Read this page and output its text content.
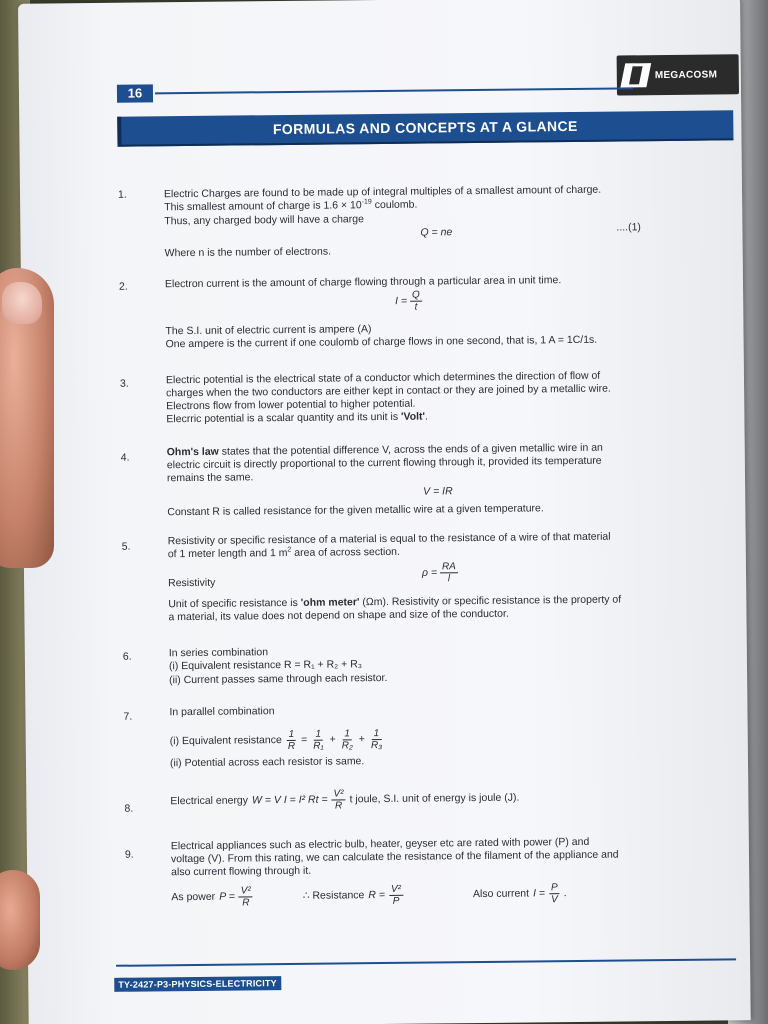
MEGACOSM
16
FORMULAS AND CONCEPTS AT A GLANCE
1.	Electric Charges are found to be made up of integral multiples of a smallest amount of charge.
This smallest amount of charge is $1.6 \times 10^{-19}$ coulomb.
Thus, any charged body will have a charge
Q = ne	....(1)
Where n is the number of electrons.
2.	Electron current is the amount of charge flowing through a particular area in unit time.
$I = \frac{Q}{t}$
The S.I. unit of electric current is ampere (A)
One ampere is the current if one coulomb of charge flows in one second, that is, 1 A = 1C/1s.
3.	Electric potential is the electrical state of a conductor which determines the direction of flow of
charges when the two conductors are either kept in contact or they are joined by a metallic wire.
Electrons flow from lower potential to higher potential.
Elecrric potential is a scalar quantity and its unit is 'Volt'.
4.	Ohm's law states that the potential difference V, across the ends of a given metallic wire in an
electric circuit is directly proportional to the current flowing through it, provided its temperature
remains the same.
V = IR
Constant R is called resistance for the given metallic wire at a given temperature.
5.	Resistivity or specific resistance of a material is equal to the resistance of a wire of that material
of 1 meter length and 1 $m^2$ area of across section.
Resistivity
$\rho = \frac{RA}{l}$
Unit of specific resistance is 'ohm meter' (Ωm). Resistivity or specific resistance is the property of
a material, its value does not depend on shape and size of the conductor.
6.	In series combination
(i) Equivalent resistance R = R₁ + R₂ + R₃
(ii) Current passes same through each resistor.
7.	In parallel combination
(i) Equivalent resistance $\frac{1}{R} = \frac{1}{\text{R₁}} + \frac{1}{\text{R₂}} + \frac{1}{\text{R₃}}$
(ii) Potential across each resistor is same.
8.
Electrical energy W = V I = I² $Rt = \frac{\text{V²}}{R}$ t joule, S.I. unit of energy is joule (J).
9.
Electrical appliances such as electric bulb, heater, geyser etc are rated with power (P) and
voltage (V). From this rating, we can calculate the resistance of the filament of the appliance and
also current flowing through it.
As power $P = \frac{\text{V²}}{R}$	∴ Resistance $R = \frac{\text{V²}}{P}$	Also current $I = \frac{P}{V}$ .
TY-2427-P3-PHYSICS-ELECTRICITY
